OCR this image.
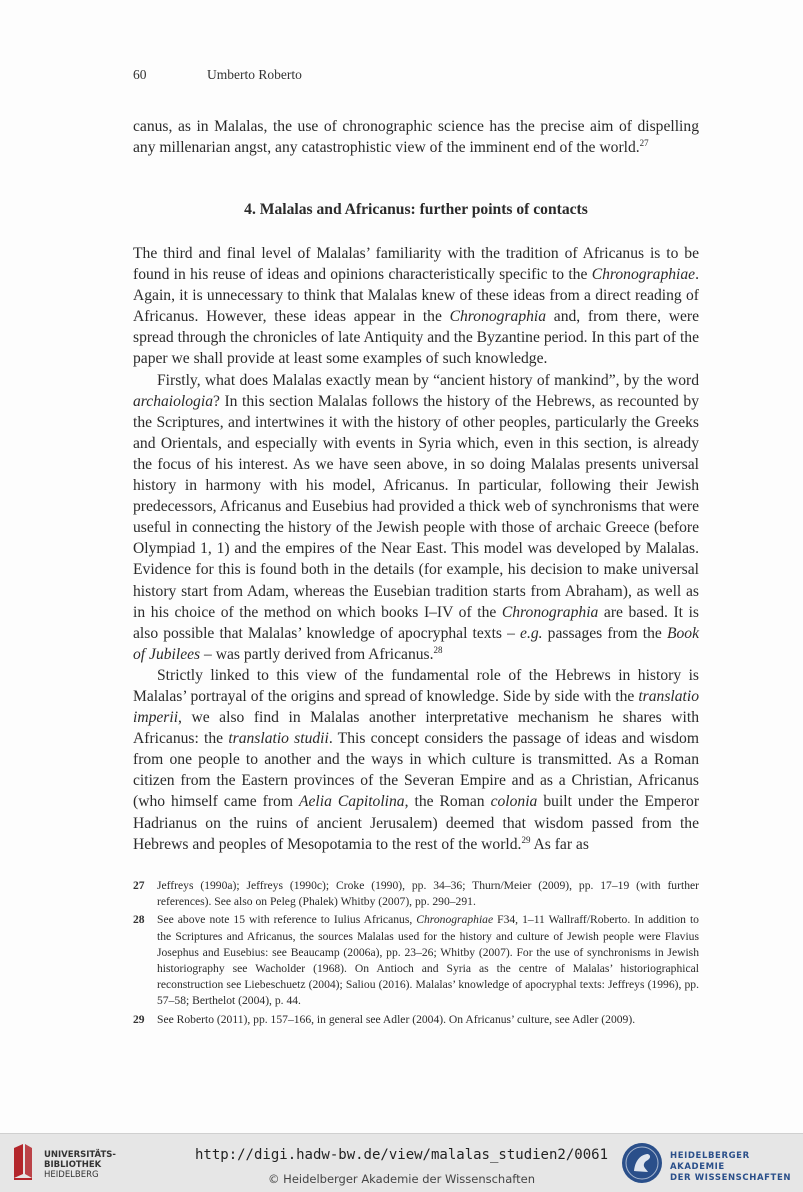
60	Umberto Roberto

canus, as in Malalas, the use of chronographic science has the precise aim of dispelling any millenarian angst, any catastrophistic view of the imminent end of the world.$^{27}$

4. Malalas and Africanus: further points of contacts

The third and final level of Malalas’ familiarity with the tradition of Africanus is to be found in his reuse of ideas and opinions characteristically specific to the Chronographiae. Again, it is unnecessary to think that Malalas knew of these ideas from a direct reading of Africanus. However, these ideas appear in the Chronographia and, from there, were spread through the chronicles of late Antiquity and the Byzantine period. In this part of the paper we shall provide at least some examples of such knowledge.

Firstly, what does Malalas exactly mean by “ancient history of mankind”, by the word archaiologia? In this section Malalas follows the history of the Hebrews, as recounted by the Scriptures, and intertwines it with the history of other peoples, particularly the Greeks and Orientals, and especially with events in Syria which, even in this section, is already the focus of his interest. As we have seen above, in so doing Malalas presents universal history in harmony with his model, Africanus. In particular, following their Jewish predecessors, Africanus and Eusebius had provided a thick web of synchronisms that were useful in connecting the history of the Jewish people with those of archaic Greece (before Olympiad 1, 1) and the empires of the Near East. This model was developed by Malalas. Evidence for this is found both in the details (for example, his decision to make universal history start from Adam, whereas the Eusebian tradition starts from Abraham), as well as in his choice of the method on which books I–IV of the Chronographia are based. It is also possible that Malalas’ knowledge of apocryphal texts – e.g. passages from the Book of Jubilees – was partly derived from Africanus.$^{28}$

Strictly linked to this view of the fundamental role of the Hebrews in history is Malalas’ portrayal of the origins and spread of knowledge. Side by side with the translatio imperii, we also find in Malalas another interpretative mechanism he shares with Africanus: the translatio studii. This concept considers the passage of ideas and wisdom from one people to another and the ways in which culture is transmitted. As a Roman citizen from the Eastern provinces of the Severan Empire and as a Christian, Africanus (who himself came from Aelia Capitolina, the Roman colonia built under the Emperor Hadrianus on the ruins of ancient Jerusalem) deemed that wisdom passed from the Hebrews and peoples of Mesopotamia to the rest of the world.$^{29}$ As far as

27	Jeffreys (1990a); Jeffreys (1990c); Croke (1990), pp. 34–36; Thurn/Meier (2009), pp. 17–19 (with further references). See also on Peleg (Phalek) Whitby (2007), pp. 290–291.
28	See above note 15 with reference to Iulius Africanus, Chronographiae F34, 1–11 Wallraff/Roberto. In addition to the Scriptures and Africanus, the sources Malalas used for the history and culture of Jewish people were Flavius Josephus and Eusebius: see Beaucamp (2006a), pp. 23–26; Whitby (2007). For the use of synchronisms in Jewish historiography see Wacholder (1968). On Antioch and Syria as the centre of Malalas’ historiographical reconstruction see Liebeschuetz (2004); Saliou (2016). Malalas’ knowledge of apocryphal texts: Jeffreys (1996), pp. 57–58; Berthelot (2004), p. 44.
29	See Roberto (2011), pp. 157–166, in general see Adler (2004). On Africanus’ culture, see Adler (2009).
UNIVERSITÄTS-
BIBLIOTHEK
HEIDELBERG
http://digi.hadw-bw.de/view/malalas_studien2/0061
© Heidelberger Akademie der Wissenschaften
HEIDELBERGER AKADEMIE
DER WISSENSCHAFTEN
